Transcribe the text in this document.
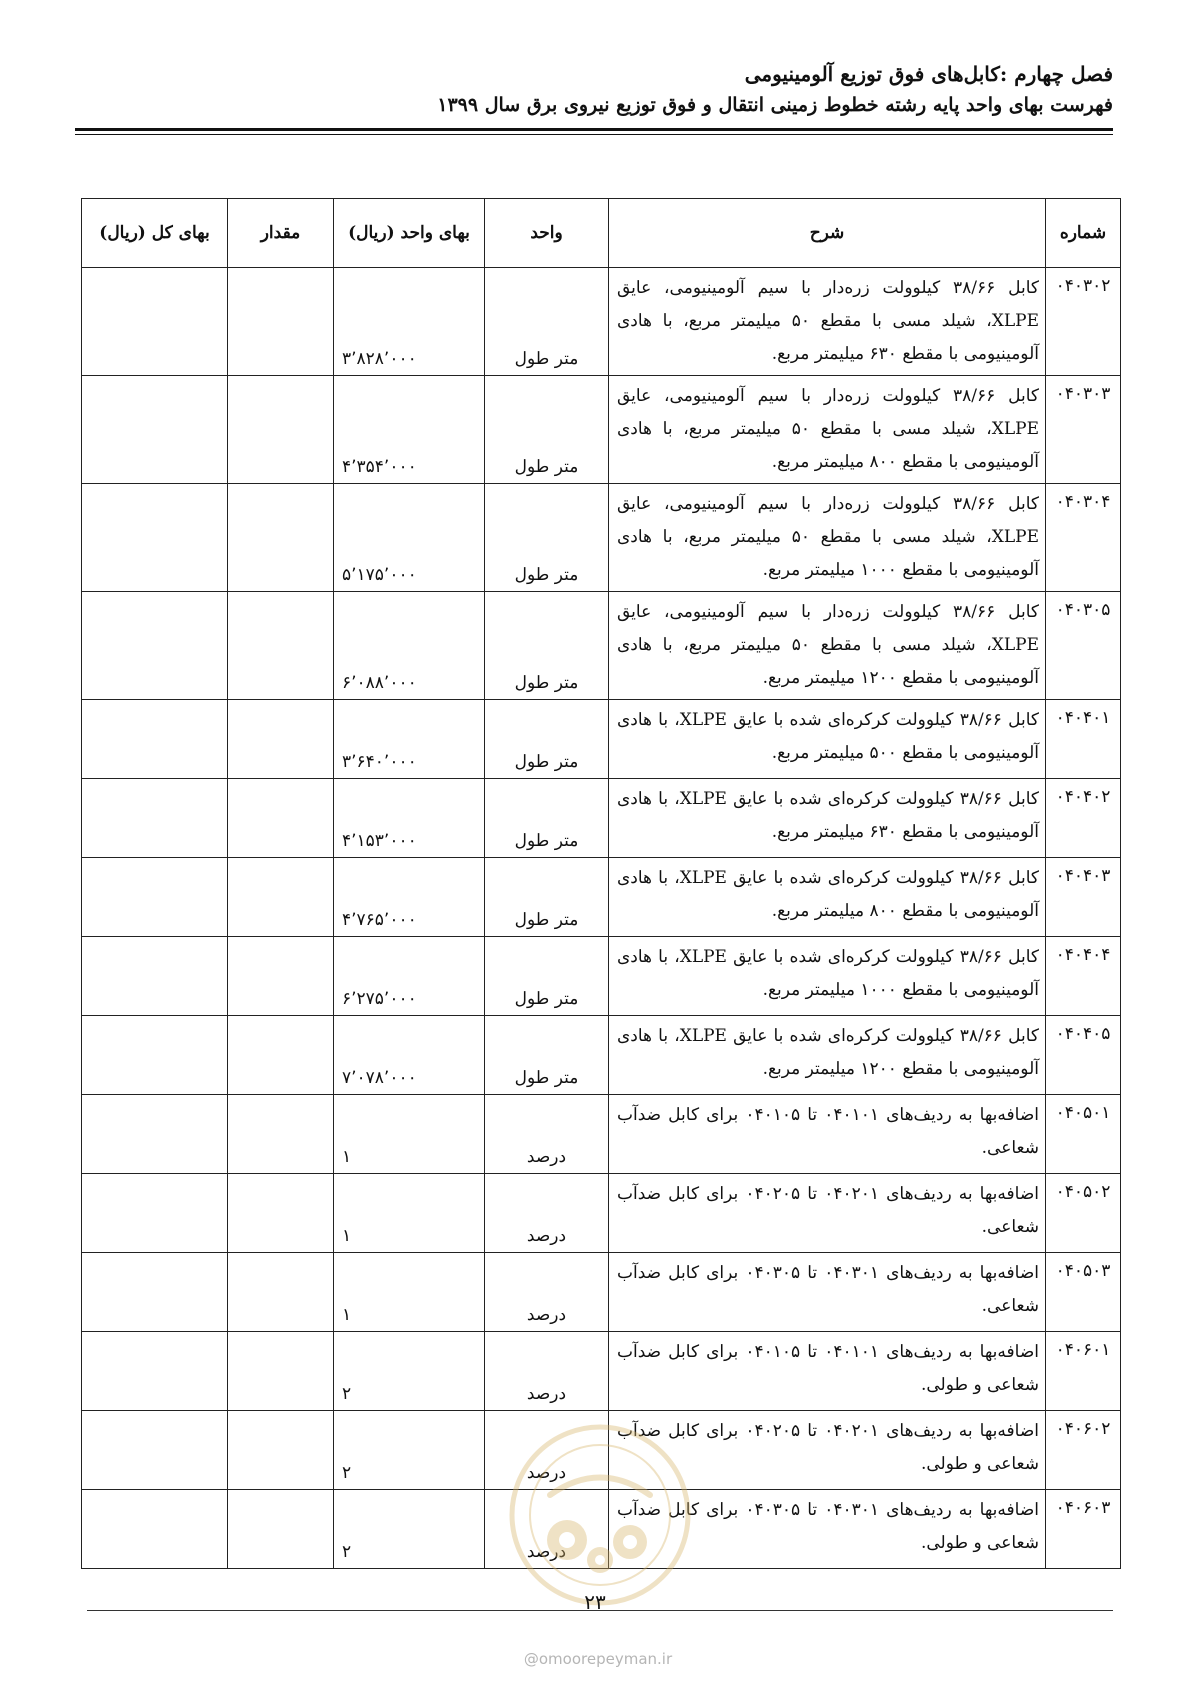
فصل چهارم :کابل‌های فوق توزیع آلومینیومی
فهرست بهای واحد پایه رشته خطوط زمینی انتقال و فوق توزیع نیروی برق سال ۱۳۹۹
شماره	شرح	واحد	بهای واحد (ریال)	مقدار	بهای کل (ریال)
۰۴۰۳۰۲	کابل ۳۸/۶۶ کیلوولت زره‌دار با سیم آلومینیومی، عایق XLPE، شیلد مسی با مقطع ۵۰ میلیمتر مربع، با هادی آلومینیومی با مقطع ۶۳۰ میلیمتر مربع.	متر طول	۳٬۸۲۸٬۰۰۰		
۰۴۰۳۰۳	کابل ۳۸/۶۶ کیلوولت زره‌دار با سیم آلومینیومی، عایق XLPE، شیلد مسی با مقطع ۵۰ میلیمتر مربع، با هادی آلومینیومی با مقطع ۸۰۰ میلیمتر مربع.	متر طول	۴٬۳۵۴٬۰۰۰		
۰۴۰۳۰۴	کابل ۳۸/۶۶ کیلوولت زره‌دار با سیم آلومینیومی، عایق XLPE، شیلد مسی با مقطع ۵۰ میلیمتر مربع، با هادی آلومینیومی با مقطع ۱۰۰۰ میلیمتر مربع.	متر طول	۵٬۱۷۵٬۰۰۰		
۰۴۰۳۰۵	کابل ۳۸/۶۶ کیلوولت زره‌دار با سیم آلومینیومی، عایق XLPE، شیلد مسی با مقطع ۵۰ میلیمتر مربع، با هادی آلومینیومی با مقطع ۱۲۰۰ میلیمتر مربع.	متر طول	۶٬۰۸۸٬۰۰۰		
۰۴۰۴۰۱	کابل ۳۸/۶۶ کیلوولت کرکره‌ای شده با عایق XLPE، با هادی آلومینیومی با مقطع ۵۰۰ میلیمتر مربع.	متر طول	۳٬۶۴۰٬۰۰۰		
۰۴۰۴۰۲	کابل ۳۸/۶۶ کیلوولت کرکره‌ای شده با عایق XLPE، با هادی آلومینیومی با مقطع ۶۳۰ میلیمتر مربع.	متر طول	۴٬۱۵۳٬۰۰۰		
۰۴۰۴۰۳	کابل ۳۸/۶۶ کیلوولت کرکره‌ای شده با عایق XLPE، با هادی آلومینیومی با مقطع ۸۰۰ میلیمتر مربع.	متر طول	۴٬۷۶۵٬۰۰۰		
۰۴۰۴۰۴	کابل ۳۸/۶۶ کیلوولت کرکره‌ای شده با عایق XLPE، با هادی آلومینیومی با مقطع ۱۰۰۰ میلیمتر مربع.	متر طول	۶٬۲۷۵٬۰۰۰		
۰۴۰۴۰۵	کابل ۳۸/۶۶ کیلوولت کرکره‌ای شده با عایق XLPE، با هادی آلومینیومی با مقطع ۱۲۰۰ میلیمتر مربع.	متر طول	۷٬۰۷۸٬۰۰۰		
۰۴۰۵۰۱	اضافه‌بها به ردیف‌های ۰۴۰۱۰۱ تا ۰۴۰۱۰۵ برای کابل ضدآب شعاعی.	درصد	۱		
۰۴۰۵۰۲	اضافه‌بها به ردیف‌های ۰۴۰۲۰۱ تا ۰۴۰۲۰۵ برای کابل ضدآب شعاعی.	درصد	۱		
۰۴۰۵۰۳	اضافه‌بها به ردیف‌های ۰۴۰۳۰۱ تا ۰۴۰۳۰۵ برای کابل ضدآب شعاعی.	درصد	۱		
۰۴۰۶۰۱	اضافه‌بها به ردیف‌های ۰۴۰۱۰۱ تا ۰۴۰۱۰۵ برای کابل ضدآب شعاعی و طولی.	درصد	۲		
۰۴۰۶۰۲	اضافه‌بها به ردیف‌های ۰۴۰۲۰۱ تا ۰۴۰۲۰۵ برای کابل ضدآب شعاعی و طولی.	درصد	۲		
۰۴۰۶۰۳	اضافه‌بها به ردیف‌های ۰۴۰۳۰۱ تا ۰۴۰۳۰۵ برای کابل ضدآب شعاعی و طولی.	درصد	۲		
۲۳
@omoorepeyman.ir
